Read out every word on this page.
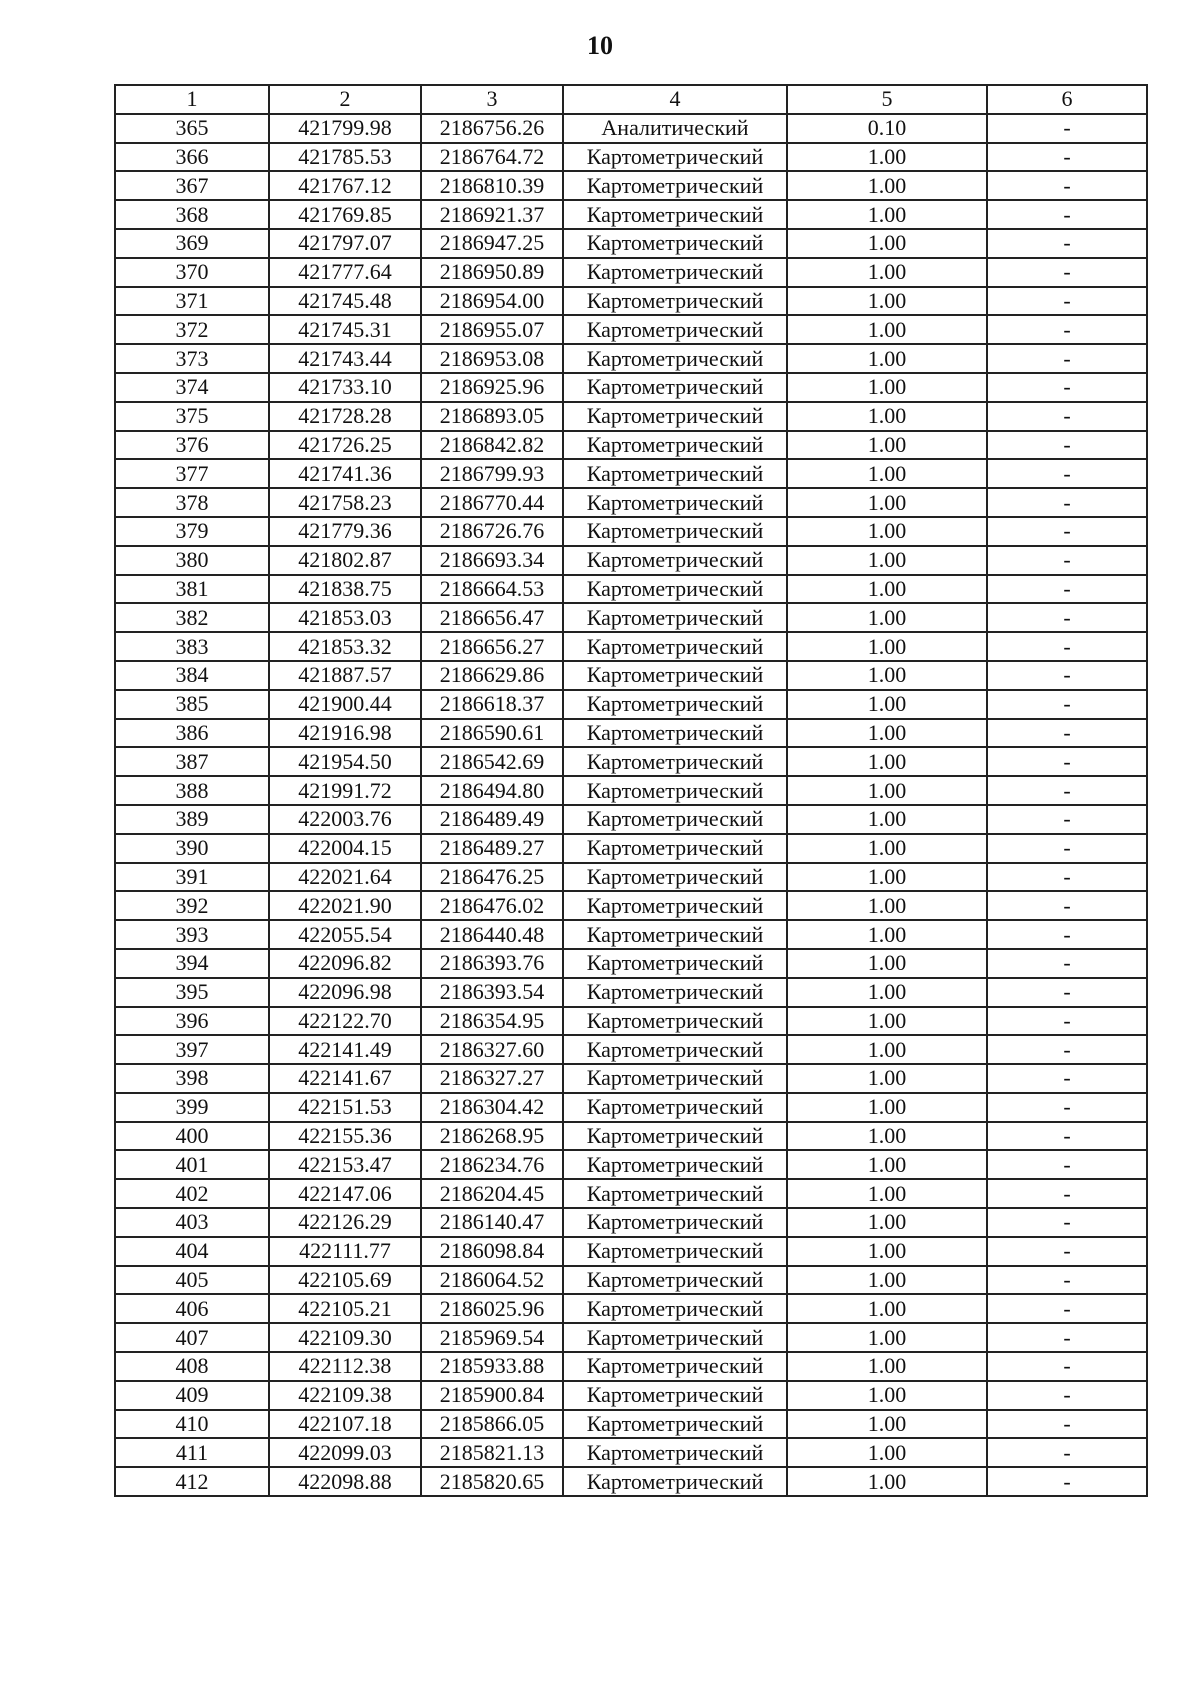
10
1	2	3	4	5	6
365	421799.98	2186756.26	Аналитический	0.10	-
366	421785.53	2186764.72	Картометрический	1.00	-
367	421767.12	2186810.39	Картометрический	1.00	-
368	421769.85	2186921.37	Картометрический	1.00	-
369	421797.07	2186947.25	Картометрический	1.00	-
370	421777.64	2186950.89	Картометрический	1.00	-
371	421745.48	2186954.00	Картометрический	1.00	-
372	421745.31	2186955.07	Картометрический	1.00	-
373	421743.44	2186953.08	Картометрический	1.00	-
374	421733.10	2186925.96	Картометрический	1.00	-
375	421728.28	2186893.05	Картометрический	1.00	-
376	421726.25	2186842.82	Картометрический	1.00	-
377	421741.36	2186799.93	Картометрический	1.00	-
378	421758.23	2186770.44	Картометрический	1.00	-
379	421779.36	2186726.76	Картометрический	1.00	-
380	421802.87	2186693.34	Картометрический	1.00	-
381	421838.75	2186664.53	Картометрический	1.00	-
382	421853.03	2186656.47	Картометрический	1.00	-
383	421853.32	2186656.27	Картометрический	1.00	-
384	421887.57	2186629.86	Картометрический	1.00	-
385	421900.44	2186618.37	Картометрический	1.00	-
386	421916.98	2186590.61	Картометрический	1.00	-
387	421954.50	2186542.69	Картометрический	1.00	-
388	421991.72	2186494.80	Картометрический	1.00	-
389	422003.76	2186489.49	Картометрический	1.00	-
390	422004.15	2186489.27	Картометрический	1.00	-
391	422021.64	2186476.25	Картометрический	1.00	-
392	422021.90	2186476.02	Картометрический	1.00	-
393	422055.54	2186440.48	Картометрический	1.00	-
394	422096.82	2186393.76	Картометрический	1.00	-
395	422096.98	2186393.54	Картометрический	1.00	-
396	422122.70	2186354.95	Картометрический	1.00	-
397	422141.49	2186327.60	Картометрический	1.00	-
398	422141.67	2186327.27	Картометрический	1.00	-
399	422151.53	2186304.42	Картометрический	1.00	-
400	422155.36	2186268.95	Картометрический	1.00	-
401	422153.47	2186234.76	Картометрический	1.00	-
402	422147.06	2186204.45	Картометрический	1.00	-
403	422126.29	2186140.47	Картометрический	1.00	-
404	422111.77	2186098.84	Картометрический	1.00	-
405	422105.69	2186064.52	Картометрический	1.00	-
406	422105.21	2186025.96	Картометрический	1.00	-
407	422109.30	2185969.54	Картометрический	1.00	-
408	422112.38	2185933.88	Картометрический	1.00	-
409	422109.38	2185900.84	Картометрический	1.00	-
410	422107.18	2185866.05	Картометрический	1.00	-
411	422099.03	2185821.13	Картометрический	1.00	-
412	422098.88	2185820.65	Картометрический	1.00	-
